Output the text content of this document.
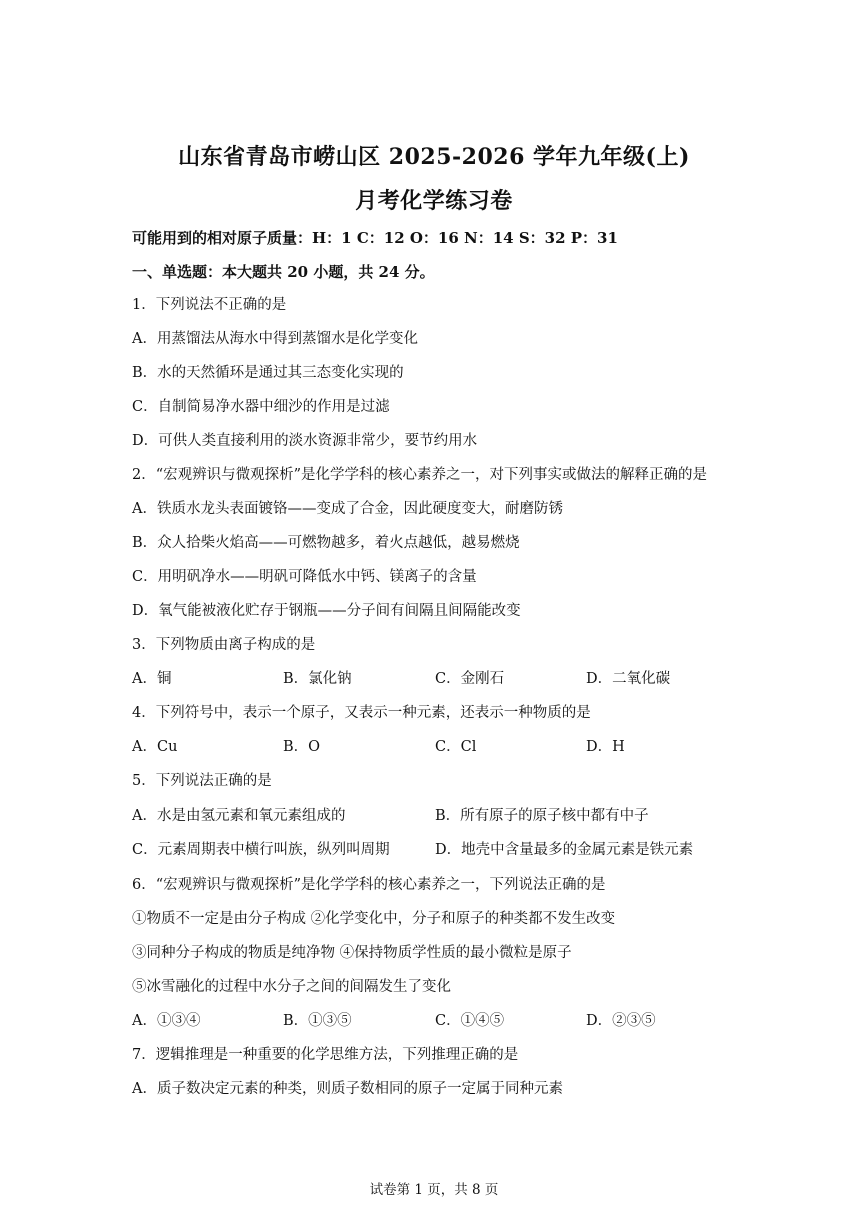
山东省青岛市崂山区 2025-2026 学年九年级(上)
月考化学练习卷
可能用到的相对原子质量：H：1 C：12 O：16 N：14 S：32 P：31
一、单选题：本大题共 20 小题，共 24 分。
1．下列说法不正确的是
A．用蒸馏法从海水中得到蒸馏水是化学变化
B．水的天然循环是通过其三态变化实现的
C．自制简易净水器中细沙的作用是过滤
D．可供人类直接利用的淡水资源非常少，要节约用水
2．“宏观辨识与微观探析”是化学学科的核心素养之一，对下列事实或做法的解释正确的是
A．铁质水龙头表面镀铬——变成了合金，因此硬度变大，耐磨防锈
B．众人拾柴火焰高——可燃物越多，着火点越低，越易燃烧
C．用明矾净水——明矾可降低水中钙、镁离子的含量
D．氧气能被液化贮存于钢瓶——分子间有间隔且间隔能改变
3．下列物质由离子构成的是
A．铜	B．氯化钠	C．金刚石	D．二氧化碳
4．下列符号中，表示一个原子，又表示一种元素，还表示一种物质的是
A．Cu	B．O	C．Cl	D．H
5．下列说法正确的是
A．水是由氢元素和氧元素组成的	B．所有原子的原子核中都有中子
C．元素周期表中横行叫族，纵列叫周期	D．地壳中含量最多的金属元素是铁元素
6．“宏观辨识与微观探析”是化学学科的核心素养之一，下列说法正确的是
①物质不一定是由分子构成 ②化学变化中，分子和原子的种类都不发生改变
③同种分子构成的物质是纯净物 ④保持物质学性质的最小微粒是原子
⑤冰雪融化的过程中水分子之间的间隔发生了变化
A．①③④	B．①③⑤	C．①④⑤	D．②③⑤
7．逻辑推理是一种重要的化学思维方法，下列推理正确的是
A．质子数决定元素的种类，则质子数相同的原子一定属于同种元素
试卷第 1 页，共 8 页
